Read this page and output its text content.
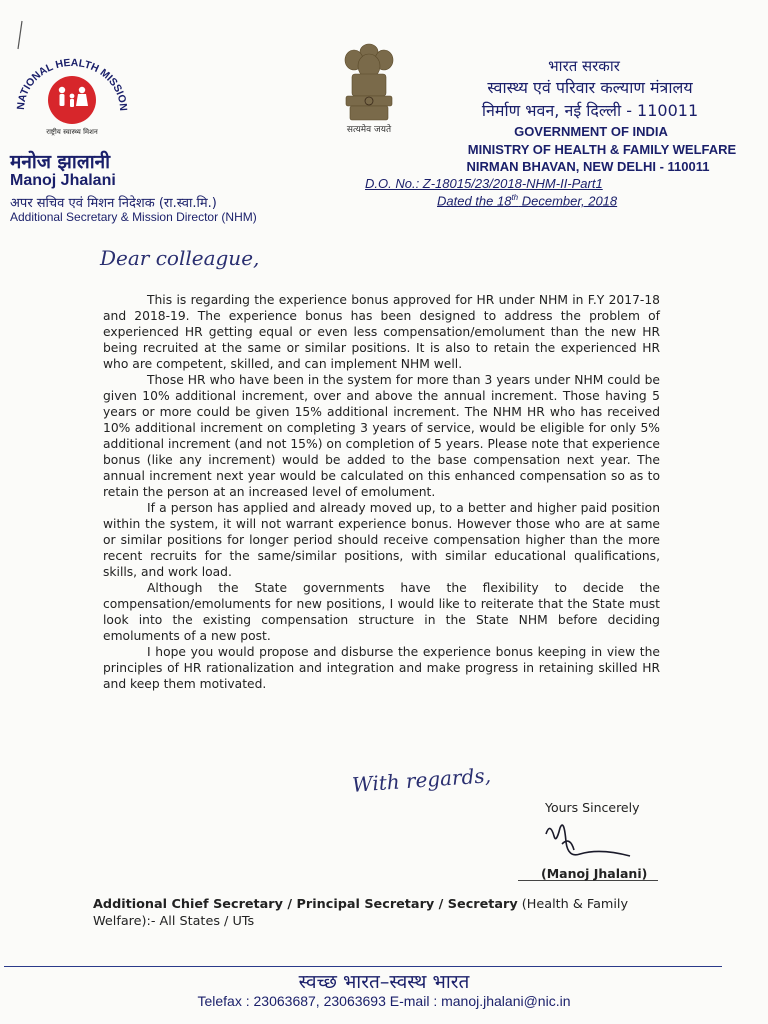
NATIONAL HEALTH MISSION
राष्ट्रीय स्वास्थ्य मिशन	सत्यमेव जयते
मनोज झालानी
Manoj Jhalani
अपर सचिव एवं मिशन निदेशक (रा.स्वा.मि.)
Additional Secretary & Mission Director (NHM)
भारत सरकार
स्वास्थ्य एवं परिवार कल्याण मंत्रालय
निर्माण भवन, नई दिल्ली - 110011
GOVERNMENT OF INDIA
MINISTRY OF HEALTH & FAMILY WELFARE
NIRMAN BHAVAN, NEW DELHI - 110011
D.O. No.: Z-18015/23/2018-NHM-II-Part1
Dated the 18th December, 2018
Dear colleague,

This is regarding the experience bonus approved for HR under NHM in F.Y 2017-18 and 2018-19. The experience bonus has been designed to address the problem of experienced HR getting equal or even less compensation/emolument than the new HR being recruited at the same or similar positions. It is also to retain the experienced HR who are competent, skilled, and can implement NHM well.

Those HR who have been in the system for more than 3 years under NHM could be given 10% additional increment, over and above the annual increment. Those having 5 years or more could be given 15% additional increment. The NHM HR who has received 10% additional increment on completing 3 years of service, would be eligible for only 5% additional increment (and not 15%) on completion of 5 years. Please note that experience bonus (like any increment) would be added to the base compensation next year. The annual increment next year would be calculated on this enhanced compensation so as to retain the person at an increased level of emolument.

If a person has applied and already moved up, to a better and higher paid position within the system, it will not warrant experience bonus. However those who are at same or similar positions for longer period should receive compensation higher than the more recent recruits for the same/similar positions, with similar educational qualifications, skills, and work load.

Although the State governments have the flexibility to decide the compensation/emoluments for new positions, I would like to reiterate that the State must look into the existing compensation structure in the State NHM before deciding emoluments of a new post.

I hope you would propose and disburse the experience bonus keeping in view the principles of HR rationalization and integration and make progress in retaining skilled HR and keep them motivated.

With regards,
Yours Sincerely
(Manoj Jhalani)
Additional Chief Secretary / Principal Secretary / Secretary (Health & Family Welfare):- All States / UTs
स्वच्छ भारत–स्वस्थ भारत
Telefax : 23063687, 23063693 E-mail : manoj.jhalani@nic.in
